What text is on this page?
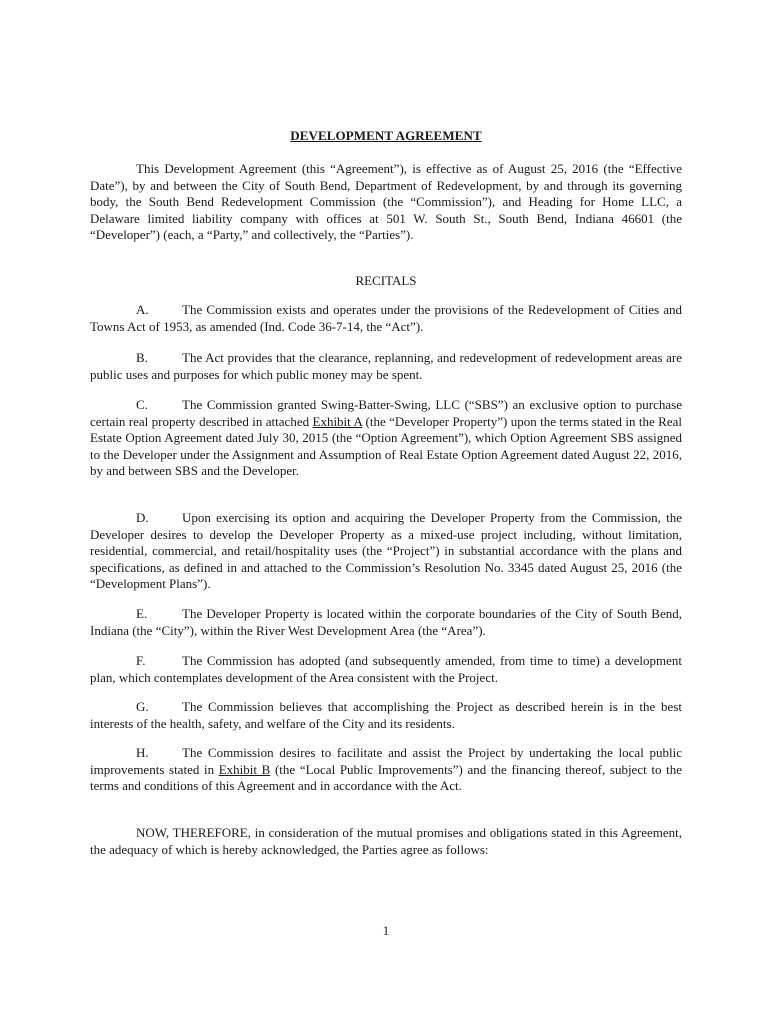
DEVELOPMENT AGREEMENT

This Development Agreement (this “Agreement”), is effective as of August 25, 2016 (the “Effective Date”), by and between the City of South Bend, Department of Redevelopment, by and through its governing body, the South Bend Redevelopment Commission (the “Commission”), and Heading for Home LLC, a Delaware limited liability company with offices at 501 W. South St., South Bend, Indiana 46601 (the “Developer”) (each, a “Party,” and collectively, the “Parties”).

RECITALS

A.	The Commission exists and operates under the provisions of the Redevelopment of Cities and Towns Act of 1953, as amended (Ind. Code 36-7-14, the “Act”).

B.	The Act provides that the clearance, replanning, and redevelopment of redevelopment areas are public uses and purposes for which public money may be spent.

C.	The Commission granted Swing-Batter-Swing, LLC (“SBS”) an exclusive option to purchase certain real property described in attached Exhibit A (the “Developer Property”) upon the terms stated in the Real Estate Option Agreement dated July 30, 2015 (the “Option Agreement”), which Option Agreement SBS assigned to the Developer under the Assignment and Assumption of Real Estate Option Agreement dated August 22, 2016, by and between SBS and the Developer.

D.	Upon exercising its option and acquiring the Developer Property from the Commission, the Developer desires to develop the Developer Property as a mixed-use project including, without limitation, residential, commercial, and retail/hospitality uses (the “Project”) in substantial accordance with the plans and specifications, as defined in and attached to the Commission’s Resolution No. 3345 dated August 25, 2016 (the “Development Plans”).

E.	The Developer Property is located within the corporate boundaries of the City of South Bend, Indiana (the “City”), within the River West Development Area (the “Area”).

F.	The Commission has adopted (and subsequently amended, from time to time) a development plan, which contemplates development of the Area consistent with the Project.

G.	The Commission believes that accomplishing the Project as described herein is in the best interests of the health, safety, and welfare of the City and its residents.

H.	The Commission desires to facilitate and assist the Project by undertaking the local public improvements stated in Exhibit B (the “Local Public Improvements”) and the financing thereof, subject to the terms and conditions of this Agreement and in accordance with the Act.

NOW, THEREFORE, in consideration of the mutual promises and obligations stated in this Agreement, the adequacy of which is hereby acknowledged, the Parties agree as follows:

1
